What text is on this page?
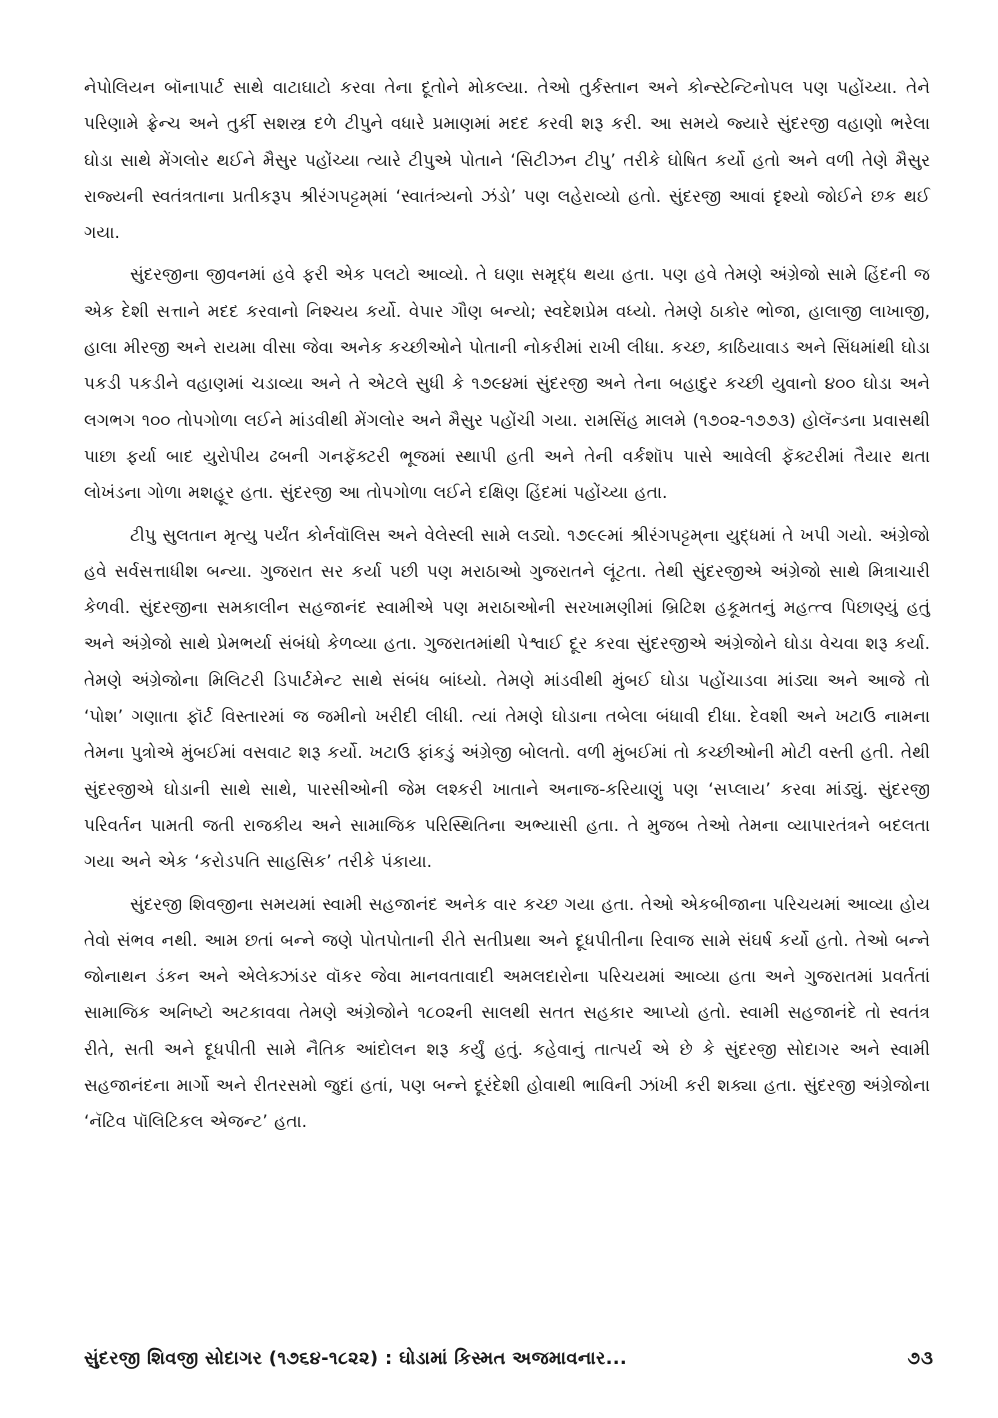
નેપોલિયન બૉનાપાર્ટ સાથે વાટાઘાટો કરવા તેના દૂતોને મોકલ્યા. તેઓ તુર્કસ્તાન અને કોન્સ્ટેન્ટિનોપલ પણ પહોંચ્યા. તેને પરિણામે ફ્રેન્ચ અને તુર્કી સશસ્ત્ર દળે ટીપુને વધારે પ્રમાણમાં મદદ કરવી શરૂ કરી. આ સમયે જ્યારે સુંદરજી વહાણો ભરેલા ઘોડા સાથે મેંગલોર થઈને મૈસુર પહોંચ્યા ત્યારે ટીપુએ પોતાને ‘સિટીઝન ટીપુ’ તરીકે ઘોષિત કર્યો હતો અને વળી તેણે મૈસુર રાજ્યની સ્વતંત્રતાના પ્રતીકરૂપ શ્રીરંગપટ્ટમ્‌માં ‘સ્વાતંત્ર્યનો ઝંડો’ પણ લહેરાવ્યો હતો. સુંદરજી આવાં દૃશ્યો જોઈને છક થઈ ગયા.

સુંદરજીના જીવનમાં હવે ફરી એક પલટો આવ્યો. તે ઘણા સમૃદ્ધ થયા હતા. પણ હવે તેમણે અંગ્રેજો સામે હિંદની જ એક દેશી સત્તાને મદદ કરવાનો નિશ્ચય કર્યો. વેપાર ગૌણ બન્યો; સ્વદેશપ્રેમ વધ્યો. તેમણે ઠાકોર ભોજા, હાલાજી લાખાજી, હાલા મીરજી અને રાયમા વીસા જેવા અનેક કચ્છીઓને પોતાની નોકરીમાં રાખી લીધા. કચ્છ, કાઠિયાવાડ અને સિંધમાંથી ઘોડા પકડી પકડીને વહાણમાં ચડાવ્યા અને તે એટલે સુધી કે ૧૭૯૪માં સુંદરજી અને તેના બહાદુર કચ્છી યુવાનો ૪૦૦ ઘોડા અને લગભગ ૧૦૦ તોપગોળા લઈને માંડવીથી મેંગલોર અને મૈસુર પહોંચી ગયા. રામસિંહ માલમે (૧૭૦૨-૧૭૭૩) હોલૅન્ડના પ્રવાસથી પાછા ફર્યા બાદ યુરોપીય ઢબની ગનફૅક્ટરી ભૂજમાં સ્થાપી હતી અને તેની વર્કશૉપ પાસે આવેલી ફૅક્ટરીમાં તૈયાર થતા લોખંડના ગોળા મશહૂર હતા. સુંદરજી આ તોપગોળા લઈને દક્ષિણ હિંદમાં પહોંચ્યા હતા.

ટીપુ સુલતાન મૃત્યુ પર્યંત કોર્નવૉલિસ અને વેલેસ્લી સામે લડ્યો. ૧૭૯૯માં શ્રીરંગપટ્ટમ્‌ના યુદ્ધમાં તે ખપી ગયો. અંગ્રેજો હવે સર્વસત્તાધીશ બન્યા. ગુજરાત સર કર્યા પછી પણ મરાઠાઓ ગુજરાતને લૂંટતા. તેથી સુંદરજીએ અંગ્રેજો સાથે મિત્રાચારી કેળવી. સુંદરજીના સમકાલીન સહજાનંદ સ્વામીએ પણ મરાઠાઓની સરખામણીમાં બ્રિટિશ હકૂમતનું મહત્ત્વ પિછાણ્યું હતું અને અંગ્રેજો સાથે પ્રેમભર્યા સંબંધો કેળવ્યા હતા. ગુજરાતમાંથી પેશ્વાઈ દૂર કરવા સુંદરજીએ અંગ્રેજોને ઘોડા વેચવા શરૂ કર્યા. તેમણે અંગ્રેજોના મિલિટરી ડિપાર્ટમેન્ટ સાથે સંબંધ બાંધ્યો. તેમણે માંડવીથી મુંબઈ ઘોડા પહોંચાડવા માંડ્યા અને આજે તો ‘પોશ’ ગણાતા ફૉર્ટ વિસ્તારમાં જ જમીનો ખરીદી લીધી. ત્યાં તેમણે ઘોડાના તબેલા બંધાવી દીધા. દેવશી અને ખટાઉ નામના તેમના પુત્રોએ મુંબઈમાં વસવાટ શરૂ કર્યો. ખટાઉ ફાંકડું અંગ્રેજી બોલતો. વળી મુંબઈમાં તો કચ્છીઓની મોટી વસ્તી હતી. તેથી સુંદરજીએ ઘોડાની સાથે સાથે, પારસીઓની જેમ લશ્કરી ખાતાને અનાજ-કરિયાણું પણ ‘સપ્લાય’ કરવા માંડ્યું. સુંદરજી પરિવર્તન પામતી જતી રાજકીય અને સામાજિક પરિસ્થિતિના અભ્યાસી હતા. તે મુજબ તેઓ તેમના વ્યાપારતંત્રને બદલતા ગયા અને એક ‘કરોડપતિ સાહસિક’ તરીકે પંકાયા.

સુંદરજી શિવજીના સમયમાં સ્વામી સહજાનંદ અનેક વાર કચ્છ ગયા હતા. તેઓ એકબીજાના પરિચયમાં આવ્યા હોય તેવો સંભવ નથી. આમ છતાં બન્ને જણે પોતપોતાની રીતે સતીપ્રથા અને દૂધપીતીના રિવાજ સામે સંઘર્ષ કર્યો હતો. તેઓ બન્ને જોનાથન ડંકન અને એલેક્ઝાંડર વૉકર જેવા માનવતાવાદી અમલદારોના પરિચયમાં આવ્યા હતા અને ગુજરાતમાં પ્રવર્તતાં સામાજિક અનિષ્ટો અટકાવવા તેમણે અંગ્રેજોને ૧૮૦૨ની સાલથી સતત સહકાર આપ્યો હતો. સ્વામી સહજાનંદે તો સ્વતંત્ર રીતે, સતી અને દૂધપીતી સામે નૈતિક આંદોલન શરૂ કર્યું હતું. કહેવાનું તાત્પર્ય એ છે કે સુંદરજી સોદાગર અને સ્વામી સહજાનંદના માર્ગો અને રીતરસમો જુદાં હતાં, પણ બન્ને દૂરંદેશી હોવાથી ભાવિની ઝાંખી કરી શક્યા હતા. સુંદરજી અંગ્રેજોના ‘નૅટિવ પૉલિટિકલ એજન્ટ’ હતા.

સુંદરજી શિવજી સોદાગર (૧૭૬૪-૧૮૨૨) : ઘોડામાં કિસ્મત અજમાવનાર...	૭૩
